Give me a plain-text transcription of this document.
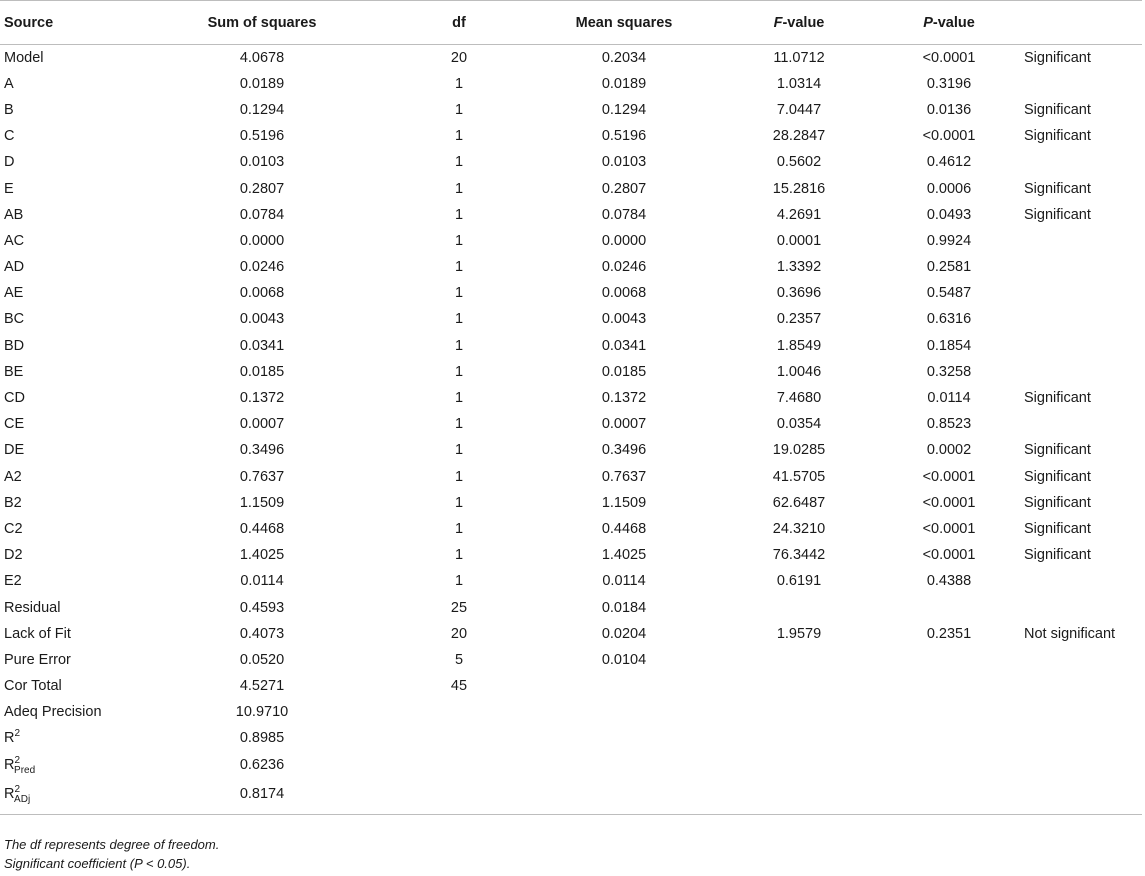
Source	Sum of squares	df	Mean squares	F-value	P-value	
Model	4.0678	20	0.2034	11.0712	<0.0001	Significant
A	0.0189	1	0.0189	1.0314	0.3196	
B	0.1294	1	0.1294	7.0447	0.0136	Significant
C	0.5196	1	0.5196	28.2847	<0.0001	Significant
D	0.0103	1	0.0103	0.5602	0.4612	
E	0.2807	1	0.2807	15.2816	0.0006	Significant
AB	0.0784	1	0.0784	4.2691	0.0493	Significant
AC	0.0000	1	0.0000	0.0001	0.9924	
AD	0.0246	1	0.0246	1.3392	0.2581	
AE	0.0068	1	0.0068	0.3696	0.5487	
BC	0.0043	1	0.0043	0.2357	0.6316	
BD	0.0341	1	0.0341	1.8549	0.1854	
BE	0.0185	1	0.0185	1.0046	0.3258	
CD	0.1372	1	0.1372	7.4680	0.0114	Significant
CE	0.0007	1	0.0007	0.0354	0.8523	
DE	0.3496	1	0.3496	19.0285	0.0002	Significant
A2	0.7637	1	0.7637	41.5705	<0.0001	Significant
B2	1.1509	1	1.1509	62.6487	<0.0001	Significant
C2	0.4468	1	0.4468	24.3210	<0.0001	Significant
D2	1.4025	1	1.4025	76.3442	<0.0001	Significant
E2	0.0114	1	0.0114	0.6191	0.4388	
Residual	0.4593	25	0.0184			
Lack of Fit	0.4073	20	0.0204	1.9579	0.2351	Not significant
Pure Error	0.0520	5	0.0104			
Cor Total	4.5271	45				
Adeq Precision	10.9710					
$R^2$	0.8985					
$R^2_{Pred}$	0.6236					
$R^2_{ADj}$	0.8174					
The df represents degree of freedom.
Significant coefficient (P < 0.05).
